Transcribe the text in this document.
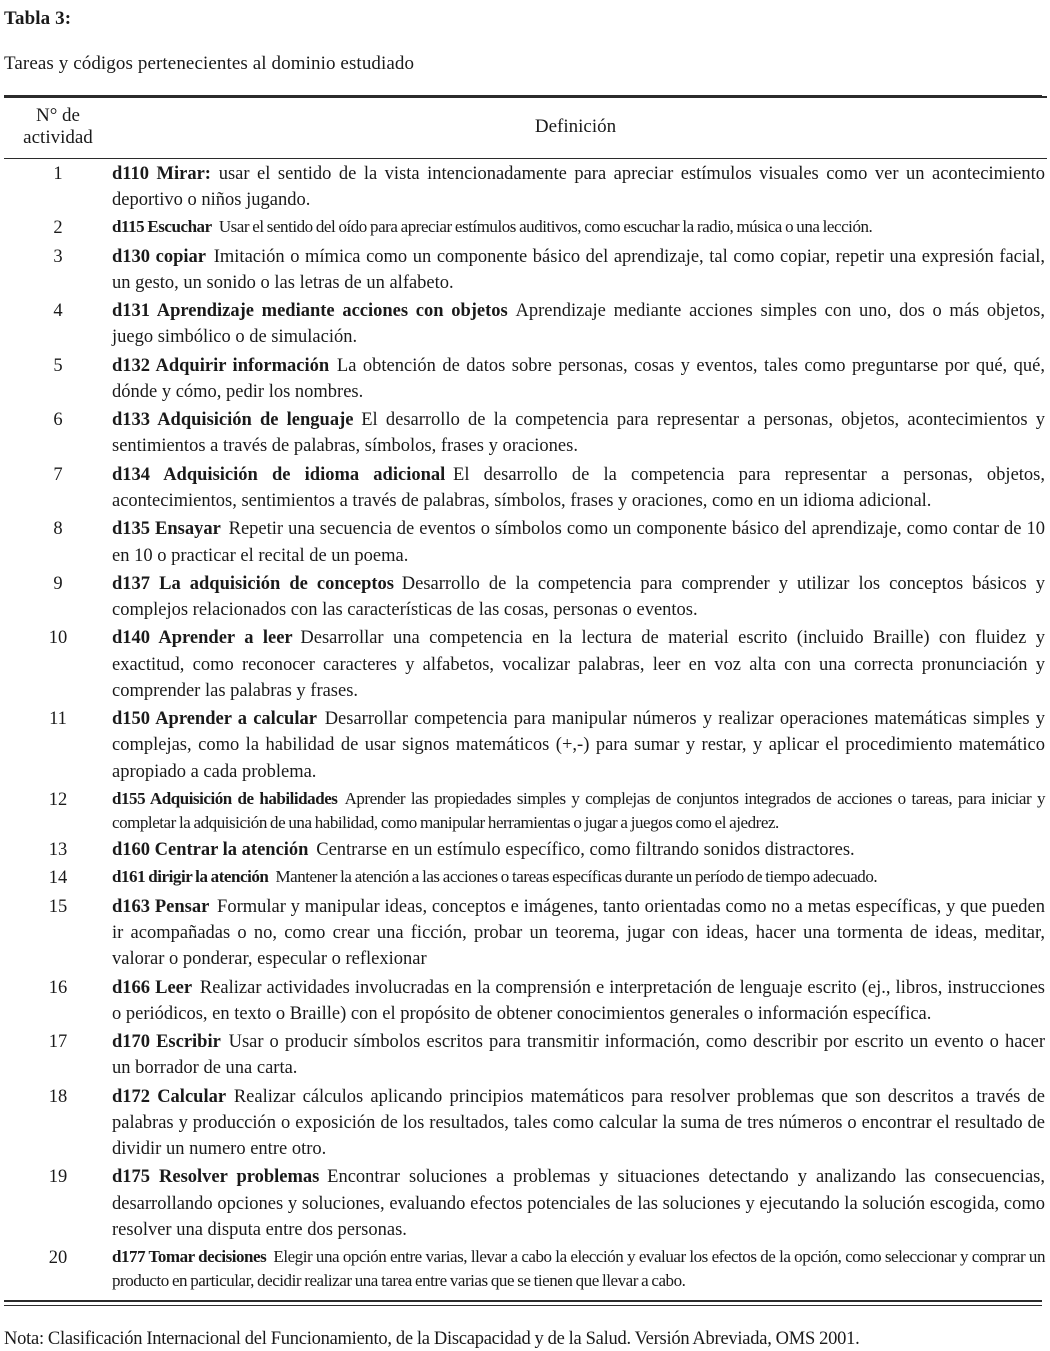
Tabla 3:
Tareas y códigos pertenecientes al dominio estudiado
N° de
actividad	Definición
1	d110 Mirar: usar el sentido de la vista intencionadamente para apreciar estímulos visuales como ver un acontecimiento deportivo o niños jugando.
2	d115 Escuchar Usar el sentido del oído para apreciar estímulos auditivos, como escuchar la radio, música o una lección.
3	d130 copiar Imitación o mímica como un componente básico del aprendizaje, tal como copiar, repetir una expresión facial, un gesto, un sonido o las letras de un alfabeto.
4	d131 Aprendizaje mediante acciones con objetos Aprendizaje mediante acciones simples con uno, dos o más objetos, juego simbólico o de simulación.
5	d132 Adquirir información La obtención de datos sobre personas, cosas y eventos, tales como preguntarse por qué, qué, dónde y cómo, pedir los nombres.
6	d133 Adquisición de lenguaje El desarrollo de la competencia para representar a personas, objetos, acontecimientos y sentimientos a través de palabras, símbolos, frases y oraciones.
7	d134 Adquisición de idioma adicional El desarrollo de la competencia para representar a personas, objetos, acontecimientos, sentimientos a través de palabras, símbolos, frases y oraciones, como en un idioma adicional.
8	d135 Ensayar Repetir una secuencia de eventos o símbolos como un componente básico del aprendizaje, como contar de 10 en 10 o practicar el recital de un poema.
9	d137 La adquisición de conceptos Desarrollo de la competencia para comprender y utilizar los conceptos básicos y complejos relacionados con las características de las cosas, personas o eventos.
10	d140 Aprender a leer Desarrollar una competencia en la lectura de material escrito (incluido Braille) con fluidez y exactitud, como reconocer caracteres y alfabetos, vocalizar palabras, leer en voz alta con una correcta pronunciación y comprender las palabras y frases.
11	d150 Aprender a calcular Desarrollar competencia para manipular números y realizar operaciones matemáticas simples y complejas, como la habilidad de usar signos matemáticos (+,-) para sumar y restar, y aplicar el procedimiento matemático apropiado a cada problema.
12	d155 Adquisición de habilidades Aprender las propiedades simples y complejas de conjuntos integrados de acciones o tareas, para iniciar y completar la adquisición de una habilidad, como manipular herramientas o jugar a juegos como el ajedrez.
13	d160 Centrar la atención Centrarse en un estímulo específico, como filtrando sonidos distractores.
14	d161 dirigir la atención Mantener la atención a las acciones o tareas específicas durante un período de tiempo adecuado.
15	d163 Pensar Formular y manipular ideas, conceptos e imágenes, tanto orientadas como no a metas específicas, y que pueden ir acompañadas o no, como crear una ficción, probar un teorema, jugar con ideas, hacer una tormenta de ideas, meditar, valorar o ponderar, especular o reflexionar
16	d166 Leer Realizar actividades involucradas en la comprensión e interpretación de lenguaje escrito (ej., libros, instrucciones o periódicos, en texto o Braille) con el propósito de obtener conocimientos generales o información específica.
17	d170 Escribir Usar o producir símbolos escritos para transmitir información, como describir por escrito un evento o hacer un borrador de una carta.
18	d172 Calcular Realizar cálculos aplicando principios matemáticos para resolver problemas que son descritos a través de palabras y producción o exposición de los resultados, tales como calcular la suma de tres números o encontrar el resultado de dividir un numero entre otro.
19	d175 Resolver problemas Encontrar soluciones a problemas y situaciones detectando y analizando las consecuencias, desarrollando opciones y soluciones, evaluando efectos potenciales de las soluciones y ejecutando la solución escogida, como resolver una disputa entre dos personas.
20	d177 Tomar decisiones Elegir una opción entre varias, llevar a cabo la elección y evaluar los efectos de la opción, como seleccionar y comprar un producto en particular, decidir realizar una tarea entre varias que se tienen que llevar a cabo.
Nota: Clasificación Internacional del Funcionamiento, de la Discapacidad y de la Salud. Versión Abreviada, OMS 2001.
